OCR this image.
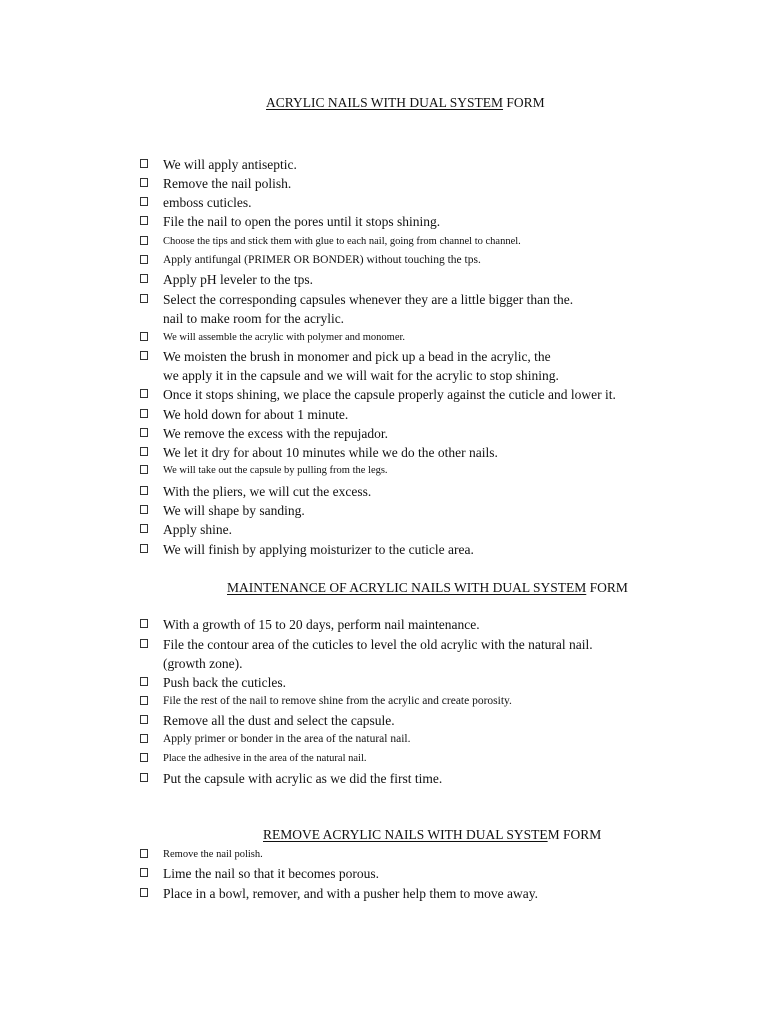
ACRYLIC NAILS WITH DUAL SYSTEM FORM
We will apply antiseptic.
Remove the nail polish.
emboss cuticles.
File the nail to open the pores until it stops shining.
Choose the tips and stick them with glue to each nail, going from channel to channel.
Apply antifungal (PRIMER OR BONDER) without touching the tps.
Apply pH leveler to the tps.
Select the corresponding capsules whenever they are a little bigger than the.
nail to make room for the acrylic.
We will assemble the acrylic with polymer and monomer.
We moisten the brush in monomer and pick up a bead in the acrylic, the
we apply it in the capsule and we will wait for the acrylic to stop shining.
Once it stops shining, we place the capsule properly against the cuticle and lower it.
We hold down for about 1 minute.
We remove the excess with the repujador.
We let it dry for about 10 minutes while we do the other nails.
We will take out the capsule by pulling from the legs.
With the pliers, we will cut the excess.
We will shape by sanding.
Apply shine.
We will finish by applying moisturizer to the cuticle area.
MAINTENANCE OF ACRYLIC NAILS WITH DUAL SYSTEM FORM
With a growth of 15 to 20 days, perform nail maintenance.
File the contour area of the cuticles to level the old acrylic with the natural nail.
(growth zone).
Push back the cuticles.
File the rest of the nail to remove shine from the acrylic and create porosity.
Remove all the dust and select the capsule.
Apply primer or bonder in the area of the natural nail.
Place the adhesive in the area of the natural nail.
Put the capsule with acrylic as we did the first time.
REMOVE ACRYLIC NAILS WITH DUAL SYSTEM FORM
Remove the nail polish.
Lime the nail so that it becomes porous.
Place in a bowl, remover, and with a pusher help them to move away.
